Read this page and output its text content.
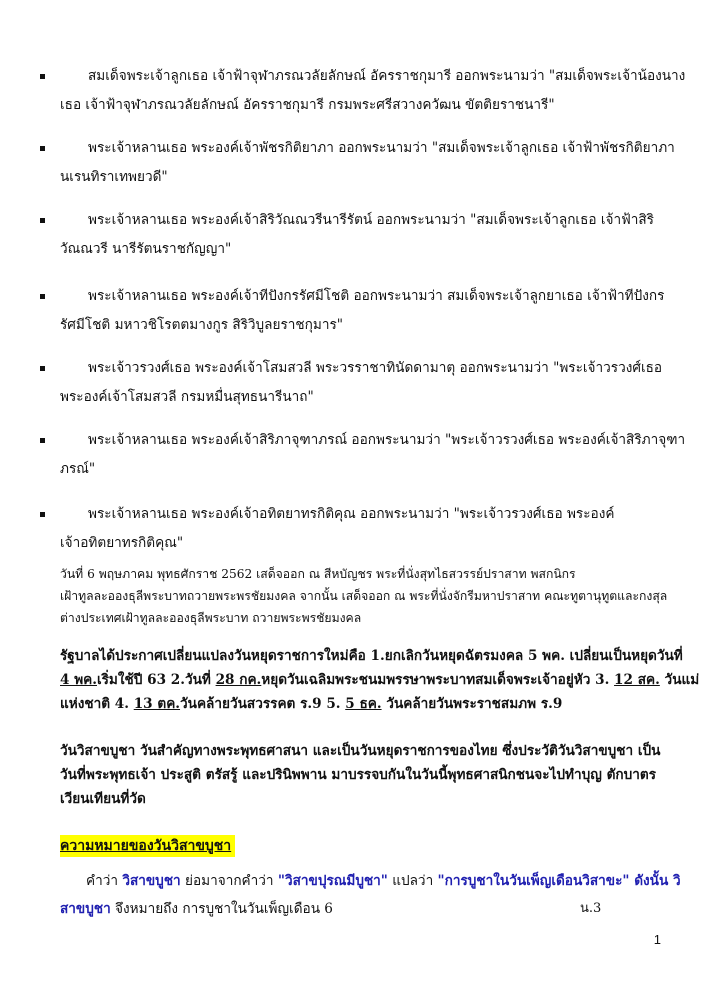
สมเด็จพระเจ้าลูกเธอ เจ้าฟ้าจุฬาภรณวลัยลักษณ์ อัครราชกุมารี ออกพระนามว่า "สมเด็จพระเจ้าน้องนาง
เธอ เจ้าฟ้าจุฬาภรณวลัยลักษณ์ อัครราชกุมารี กรมพระศรีสวางควัฒน ขัตติยราชนารี"
พระเจ้าหลานเธอ พระองค์เจ้าพัชรกิติยาภา ออกพระนามว่า "สมเด็จพระเจ้าลูกเธอ เจ้าฟ้าพัชรกิติยาภา
นเรนทิราเทพยวดี"
พระเจ้าหลานเธอ พระองค์เจ้าสิริวัณณวรีนารีรัตน์ ออกพระนามว่า "สมเด็จพระเจ้าลูกเธอ เจ้าฟ้าสิริ
วัณณวรี นารีรัตนราชกัญญา"
พระเจ้าหลานเธอ พระองค์เจ้าทีปังกรรัศมีโชติ ออกพระนามว่า สมเด็จพระเจ้าลูกยาเธอ เจ้าฟ้าทีปังกร
รัศมีโชติ มหาวชิโรตตมางกูร สิริวิบูลยราชกุมาร"
พระเจ้าวรวงศ์เธอ พระองค์เจ้าโสมสวลี พระวรราชาทินัดดามาตุ ออกพระนามว่า "พระเจ้าวรวงศ์เธอ
พระองค์เจ้าโสมสวลี กรมหมื่นสุทธนารีนาถ"
พระเจ้าหลานเธอ พระองค์เจ้าสิริภาจุฑาภรณ์ ออกพระนามว่า "พระเจ้าวรวงศ์เธอ พระองค์เจ้าสิริภาจุฑา
ภรณ์"
พระเจ้าหลานเธอ พระองค์เจ้าอทิตยาทรกิติคุณ ออกพระนามว่า "พระเจ้าวรวงศ์เธอ พระองค์
เจ้าอทิตยาทรกิติคุณ"
วันที่ 6 พฤษภาคม พุทธศักราช 2562 เสด็จออก ณ สีหบัญชร พระที่นั่งสุทไธสวรรย์ปราสาท พสกนิกร
เฝ้าทูลละอองธุลีพระบาทถวายพระพรชัยมงคล จากนั้น เสด็จออก ณ พระที่นั่งจักรีมหาปราสาท คณะทูตานุทูตและกงสุล
ต่างประเทศเฝ้าทูลละอองธุลีพระบาท ถวายพระพรชัยมงคล
รัฐบาลได้ประกาศเปลี่ยนแปลงวันหยุดราชการใหม่คือ 1.ยกเลิกวันหยุดฉัตรมงคล 5 พค. เปลี่ยนเป็นหยุดวันที่
4 พค.เริ่มใช้ปี 63 2.วันที่ 28 กค.หยุดวันเฉลิมพระชนมพรรษาพระบาทสมเด็จพระเจ้าอยู่หัว 3. 12 สค. วันแม่
แห่งชาติ 4. 13 ตค.วันคล้ายวันสวรรคต ร.9 5. 5 ธค. วันคล้ายวันพระราชสมภพ ร.9
วันวิสาขบูชา วันสำคัญทางพระพุทธศาสนา และเป็นวันหยุดราชการของไทย ซึ่งประวัติวันวิสาขบูชา เป็น
วันที่พระพุทธเจ้า ประสูติ ตรัสรู้ และปรินิพพาน มาบรรจบกันในวันนี้พุทธศาสนิกชนจะไปทำบุญ ตักบาตร
เวียนเทียนที่วัด
ความหมายของวันวิสาขบูชา
คำว่า วิสาขบูชา ย่อมาจากคำว่า "วิสาขปุรณมีบูชา" แปลว่า "การบูชาในวันเพ็ญเดือนวิสาขะ" ดังนั้น วิ
สาขบูชา จึงหมายถึง การบูชาในวันเพ็ญเดือน 6	น.3
1
